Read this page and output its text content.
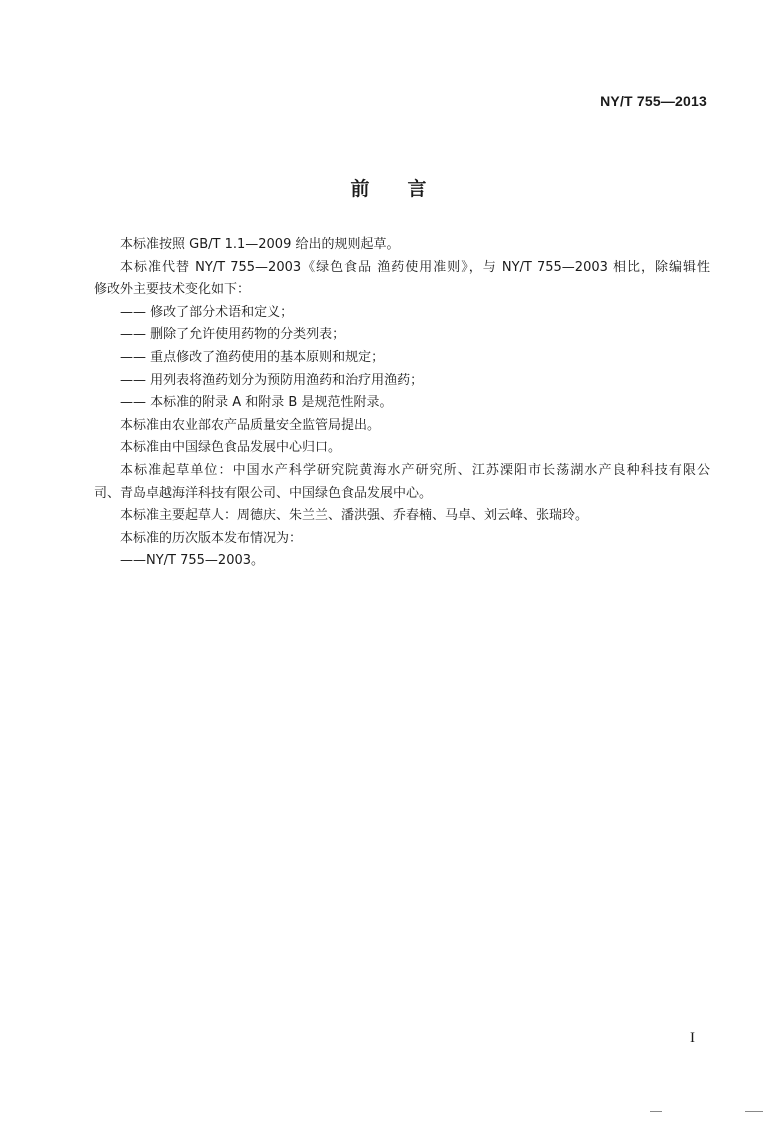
NY/T 755—2013
前言
本标准按照 GB/T 1.1—2009 给出的规则起草。
本标准代替 NY/T 755—2003《绿色食品 渔药使用准则》，与 NY/T 755—2003 相比，除编辑性
修改外主要技术变化如下：
—— 修改了部分术语和定义；
—— 删除了允许使用药物的分类列表；
—— 重点修改了渔药使用的基本原则和规定；
—— 用列表将渔药划分为预防用渔药和治疗用渔药；
—— 本标准的附录 A 和附录 B 是规范性附录。
本标准由农业部农产品质量安全监管局提出。
本标准由中国绿色食品发展中心归口。
本标准起草单位：中国水产科学研究院黄海水产研究所、江苏溧阳市长荡湖水产良种科技有限公
司、青岛卓越海洋科技有限公司、中国绿色食品发展中心。
本标准主要起草人：周德庆、朱兰兰、潘洪强、乔春楠、马卓、刘云峰、张瑞玲。
本标准的历次版本发布情况为：
——NY/T 755—2003。
I
